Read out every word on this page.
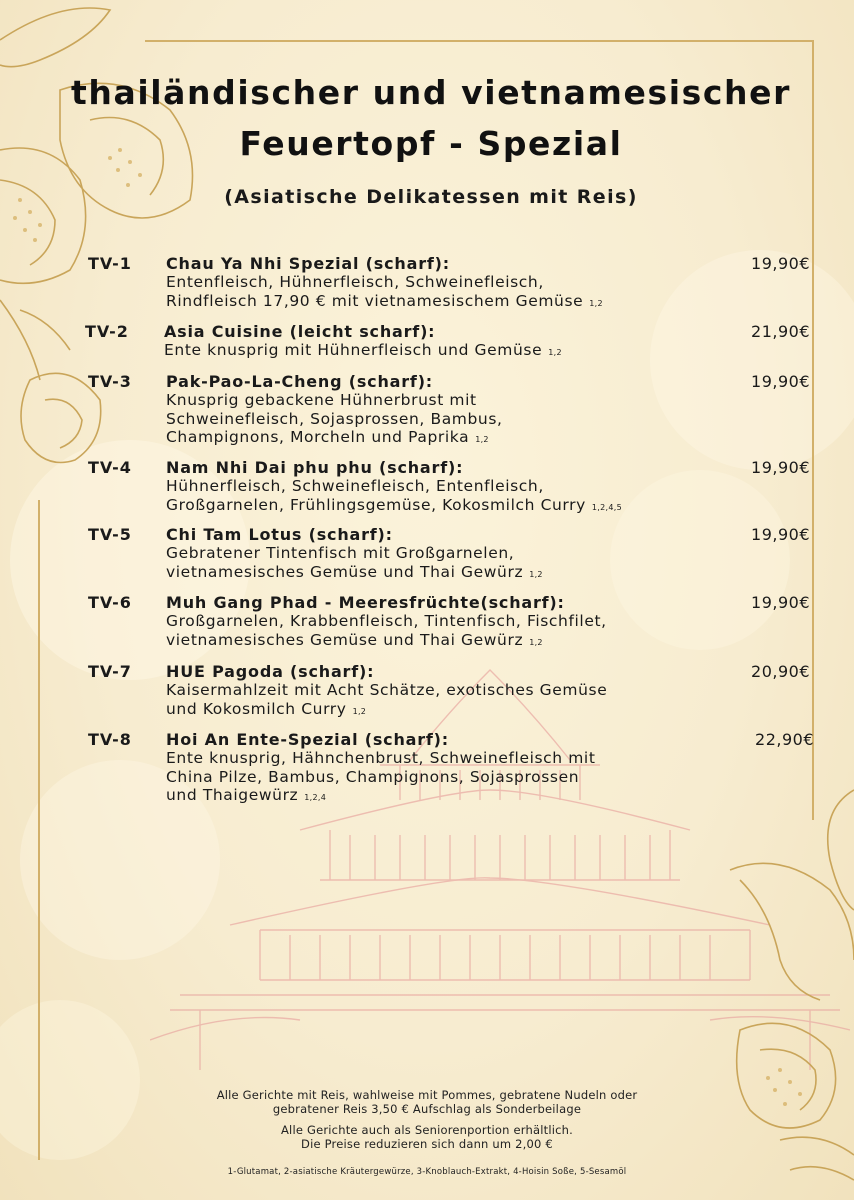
thailändischer und vietnamesischer
Feuertopf - Spezial
(Asiatische Delikatessen mit Reis)
TV-1 Chau Ya Nhi Spezial (scharf):
Entenfleisch, Hühnerfleisch, Schweinefleisch,
Rindfleisch 17,90 € mit vietnamesischem Gemüse 1,2
19,90€
TV-2 Asia Cuisine (leicht scharf):
Ente knusprig mit Hühnerfleisch und Gemüse 1,2
21,90€
TV-3 Pak-Pao-La-Cheng (scharf):
Knusprig gebackene Hühnerbrust mit
Schweinefleisch, Sojasprossen, Bambus,
Champignons, Morcheln und Paprika 1,2
19,90€
TV-4 Nam Nhi Dai phu phu (scharf):
Hühnerfleisch, Schweinefleisch, Entenfleisch,
Großgarnelen, Frühlingsgemüse, Kokosmilch Curry 1,2,4,5
19,90€
TV-5 Chi Tam Lotus (scharf):
Gebratener Tintenfisch mit Großgarnelen,
vietnamesisches Gemüse und Thai Gewürz 1,2
19,90€
TV-6 Muh Gang Phad - Meeresfrüchte(scharf):
Großgarnelen, Krabbenfleisch, Tintenfisch, Fischfilet,
vietnamesisches Gemüse und Thai Gewürz 1,2
19,90€
TV-7 HUE Pagoda (scharf):
Kaisermahlzeit mit Acht Schätze, exotisches Gemüse
und Kokosmilch Curry 1,2
20,90€
TV-8 Hoi An Ente-Spezial (scharf):
Ente knusprig, Hähnchenbrust, Schweinefleisch mit
China Pilze, Bambus, Champignons, Sojasprossen
und Thaigewürz 1,2,4
22,90€
Alle Gerichte mit Reis, wahlweise mit Pommes, gebratene Nudeln oder
gebratener Reis 3,50 € Aufschlag als Sonderbeilage
Alle Gerichte auch als Seniorenportion erhältlich.
Die Preise reduzieren sich dann um 2,00 €
1-Glutamat, 2-asiatische Kräutergewürze, 3-Knoblauch-Extrakt, 4-Hoisin Soße, 5-Sesamöl
